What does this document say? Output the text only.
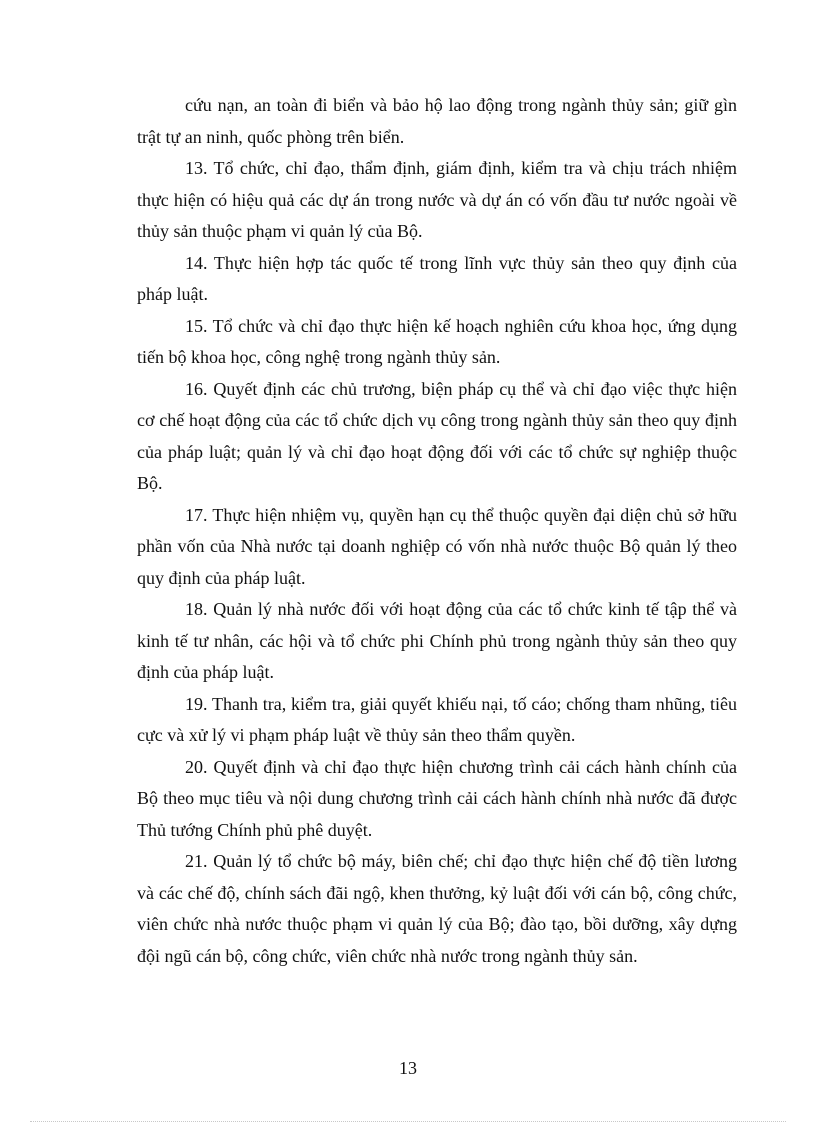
cứu nạn, an toàn đi biển và bảo hộ lao động trong ngành thủy sản; giữ gìn trật tự an ninh, quốc phòng trên biển.

13. Tổ chức, chỉ đạo, thẩm định, giám định, kiểm tra và chịu trách nhiệm thực hiện có hiệu quả các dự án trong nước và dự án có vốn đầu tư nước ngoài về thủy sản thuộc phạm vi quản lý của Bộ.

14. Thực hiện hợp tác quốc tế trong lĩnh vực thủy sản theo quy định của pháp luật.

15. Tổ chức và chỉ đạo thực hiện kế hoạch nghiên cứu khoa học, ứng dụng tiến bộ khoa học, công nghệ trong ngành thủy sản.

16. Quyết định các chủ trương, biện pháp cụ thể và chỉ đạo việc thực hiện cơ chế hoạt động của các tổ chức dịch vụ công trong ngành thủy sản theo quy định của pháp luật; quản lý và chỉ đạo hoạt động đối với các tổ chức sự nghiệp thuộc Bộ.

17. Thực hiện nhiệm vụ, quyền hạn cụ thể thuộc quyền đại diện chủ sở hữu phần vốn của Nhà nước tại doanh nghiệp có vốn nhà nước thuộc Bộ quản lý theo quy định của pháp luật.

18. Quản lý nhà nước đối với hoạt động của các tổ chức kinh tế tập thể và kinh tế tư nhân, các hội và tổ chức phi Chính phủ trong ngành thủy sản theo quy định của pháp luật.

19. Thanh tra, kiểm tra, giải quyết khiếu nại, tố cáo; chống tham nhũng, tiêu cực và xử lý vi phạm pháp luật về thủy sản theo thẩm quyền.

20. Quyết định và chỉ đạo thực hiện chương trình cải cách hành chính của Bộ theo mục tiêu và nội dung chương trình cải cách hành chính nhà nước đã được Thủ tướng Chính phủ phê duyệt.

21. Quản lý tổ chức bộ máy, biên chế; chỉ đạo thực hiện chế độ tiền lương và các chế độ, chính sách đãi ngộ, khen thưởng, kỷ luật đối với cán bộ, công chức, viên chức nhà nước thuộc phạm vi quản lý của Bộ; đào tạo, bồi dưỡng, xây dựng đội ngũ cán bộ, công chức, viên chức nhà nước trong ngành thủy sản.

13
